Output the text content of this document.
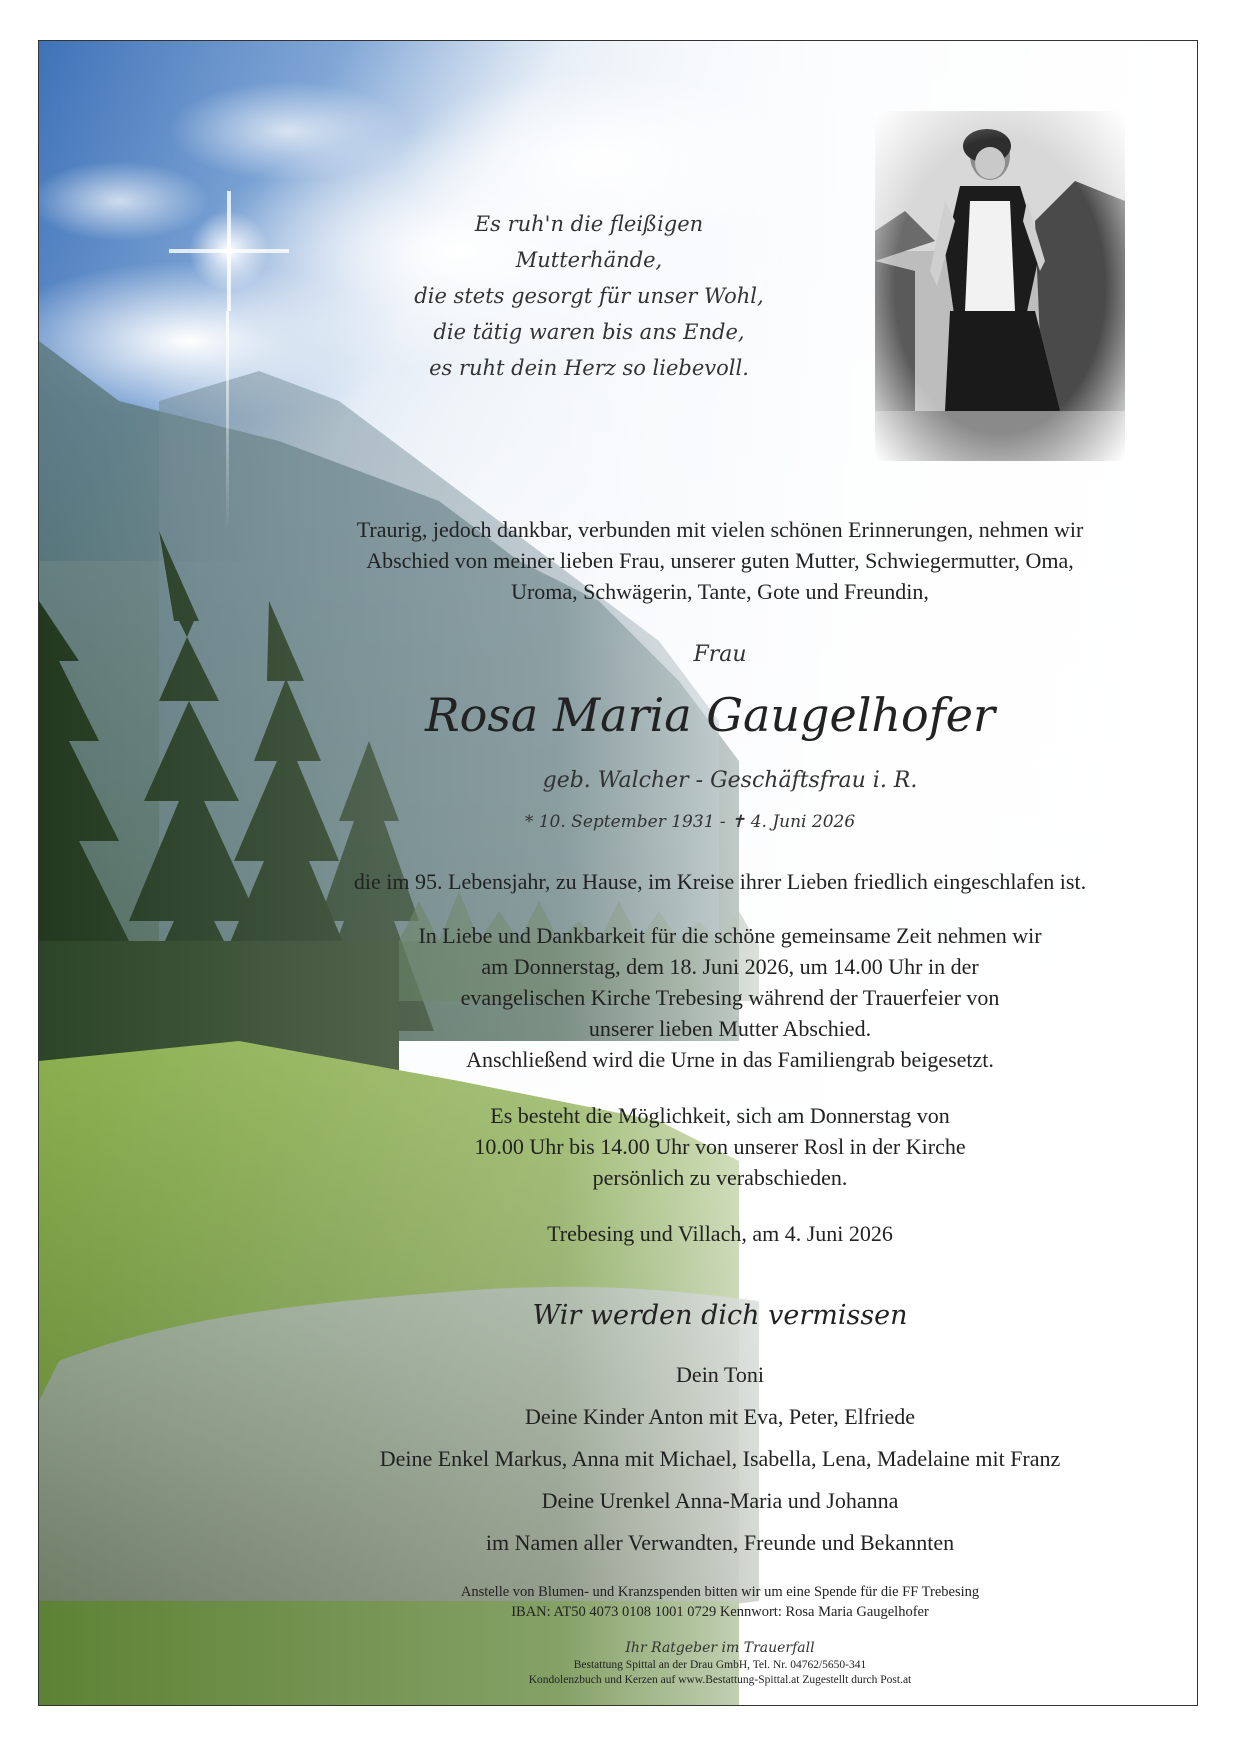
Es ruh'n die fleißigen Mutterhände,
die stets gesorgt für unser Wohl,
die tätig waren bis ans Ende,
es ruht dein Herz so liebevoll.
Traurig, jedoch dankbar, verbunden mit vielen schönen Erinnerungen, nehmen wir
Abschied von meiner lieben Frau, unserer guten Mutter, Schwiegermutter, Oma,
Uroma, Schwägerin, Tante, Gote und Freundin,
Frau
Rosa Maria Gaugelhofer
geb. Walcher - Geschäftsfrau i. R.
* 10. September 1931 - ✝ 4. Juni 2026
die im 95. Lebensjahr, zu Hause, im Kreise ihrer Lieben friedlich eingeschlafen ist.
In Liebe und Dankbarkeit für die schöne gemeinsame Zeit nehmen wir
am Donnerstag, dem 18. Juni 2026, um 14.00 Uhr in der
evangelischen Kirche Trebesing während der Trauerfeier von
unserer lieben Mutter Abschied.
Anschließend wird die Urne in das Familiengrab beigesetzt.
Es besteht die Möglichkeit, sich am Donnerstag von
10.00 Uhr bis 14.00 Uhr von unserer Rosl in der Kirche
persönlich zu verabschieden.
Trebesing und Villach, am 4. Juni 2026
Wir werden dich vermissen
Dein Toni
Deine Kinder Anton mit Eva, Peter, Elfriede
Deine Enkel Markus, Anna mit Michael, Isabella, Lena, Madelaine mit Franz
Deine Urenkel Anna-Maria und Johanna
im Namen aller Verwandten, Freunde und Bekannten
Anstelle von Blumen- und Kranzspenden bitten wir um eine Spende für die FF Trebesing
IBAN: AT50 4073 0108 1001 0729 Kennwort: Rosa Maria Gaugelhofer
Ihr Ratgeber im Trauerfall
Bestattung Spittal an der Drau GmbH, Tel. Nr. 04762/5650-341
Kondolenzbuch und Kerzen auf www.Bestattung-Spittal.at Zugestellt durch Post.at
